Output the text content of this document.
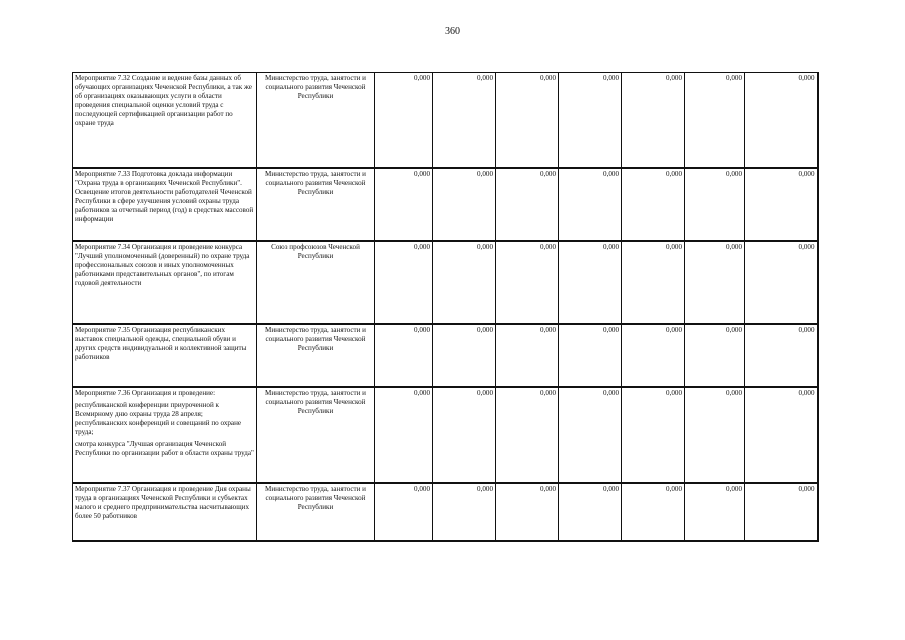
360
Мероприятие 7.32 Создание и ведение базы данных об обучающих организациях Чеченской Республики, а так же об организациях оказывающих услуги в области проведения специальной оценки условий труда с последующей сертификацией организации работ по охране труда	Министерство труда, занятости и социального развития Чеченской Республики	0,000	0,000	0,000	0,000	0,000	0,000	0,000

Мероприятие 7.33 Подготовка доклада информации "Охрана труда в организациях Чеченской Республики". Освещение итогов деятельности работодателей Чеченской Республики в сфере улучшения условий охраны труда работников за отчетный период (год) в средствах массовой информации	Министерство труда, занятости и социального развития Чеченской Республики	0,000	0,000	0,000	0,000	0,000	0,000	0,000

Мероприятие 7.34 Организация и проведение конкурса "Лучший уполномоченный (доверенный) по охране труда профессиональных союзов и иных уполномоченных работниками представительных органов", по итогам годовой деятельности	Союз профсоюзов Чеченской Республики	0,000	0,000	0,000	0,000	0,000	0,000	0,000

Мероприятие 7.35 Организация республиканских выставок специальной одежды, специальной обуви и других средств индивидуальной и коллективной защиты работников	Министерство труда, занятости и социального развития Чеченской Республики	0,000	0,000	0,000	0,000	0,000	0,000	0,000

Мероприятие 7.36 Организация и проведение:
республиканской конференции приуроченной к Всемирному дню охраны труда 28 апреля; республиканских конференций и совещаний по охране труда;
смотра конкурса "Лучшая организация Чеченской Республики по организации работ в области охраны труда"	Министерство труда, занятости и социального развития Чеченской Республики	0,000	0,000	0,000	0,000	0,000	0,000	0,000

Мероприятие 7.37 Организация и проведение Дня охраны труда в организациях Чеченской Республики и субъектах малого и среднего предпринимательства насчитывающих более 50 работников	Министерство труда, занятости и социального развития Чеченской Республики	0,000	0,000	0,000	0,000	0,000	0,000	0,000
